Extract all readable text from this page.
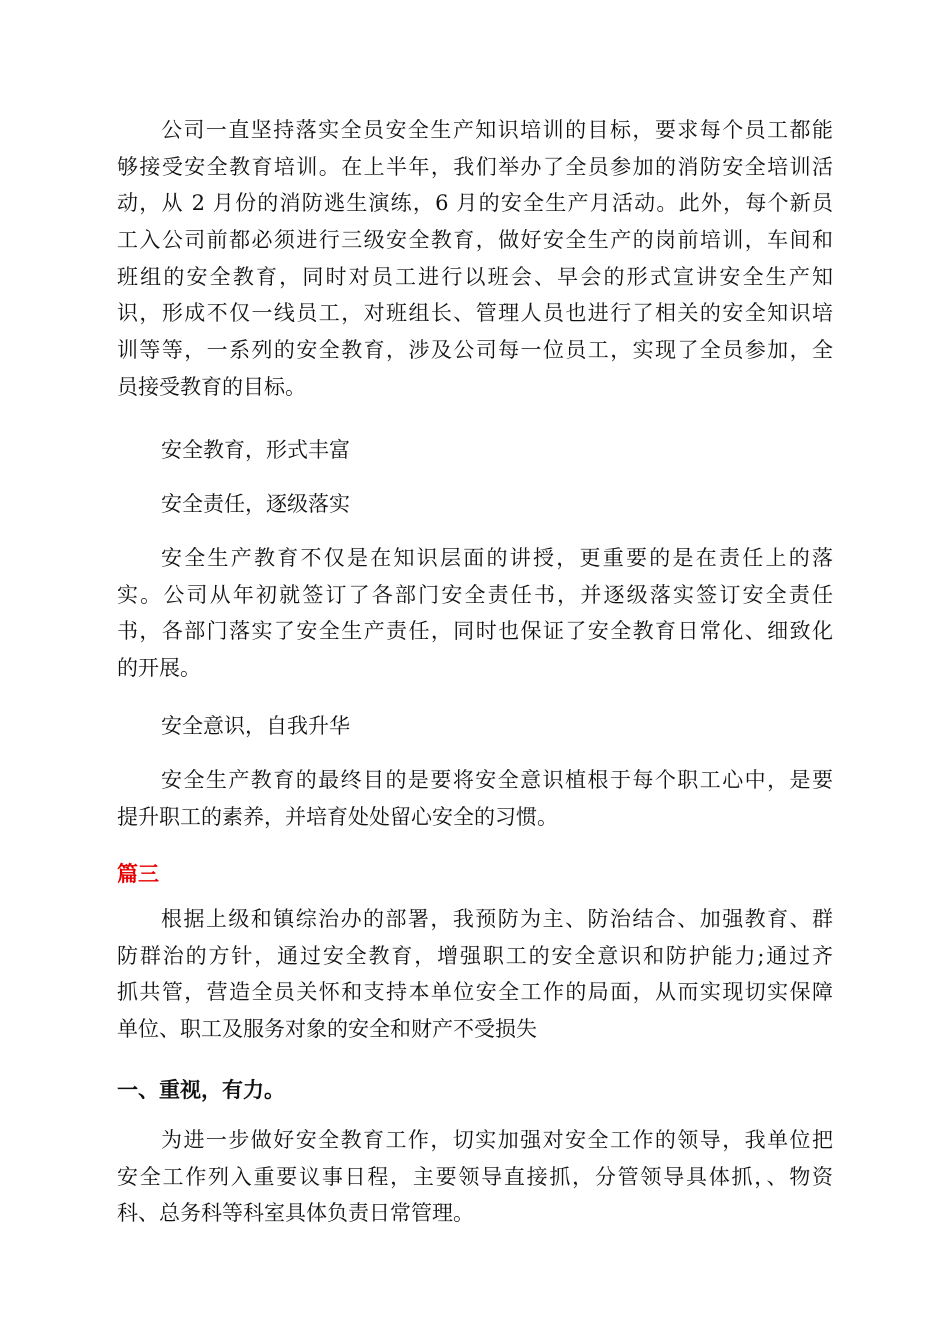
公司一直坚持落实全员安全生产知识培训的目标，要求每个员工都能
够接受安全教育培训。在上半年，我们举办了全员参加的消防安全培训活
动，从 2 月份的消防逃生演练，6 月的安全生产月活动。此外，每个新员
工入公司前都必须进行三级安全教育，做好安全生产的岗前培训，车间和
班组的安全教育，同时对员工进行以班会、早会的形式宣讲安全生产知
识，形成不仅一线员工，对班组长、管理人员也进行了相关的安全知识培
训等等，一系列的安全教育，涉及公司每一位员工，实现了全员参加，全
员接受教育的目标。
安全教育，形式丰富
安全责任，逐级落实
安全生产教育不仅是在知识层面的讲授，更重要的是在责任上的落
实。公司从年初就签订了各部门安全责任书，并逐级落实签订安全责任
书，各部门落实了安全生产责任，同时也保证了安全教育日常化、细致化
的开展。
安全意识，自我升华
安全生产教育的最终目的是要将安全意识植根于每个职工心中，是要
提升职工的素养，并培育处处留心安全的习惯。
篇三
根据上级和镇综治办的部署，我预防为主、防治结合、加强教育、群
防群治的方针，通过安全教育，增强职工的安全意识和防护能力;通过齐
抓共管，营造全员关怀和支持本单位安全工作的局面，从而实现切实保障
单位、职工及服务对象的安全和财产不受损失
一、重视，有力。
为进一步做好安全教育工作，切实加强对安全工作的领导，我单位把
安全工作列入重要议事日程，主要领导直接抓，分管领导具体抓，、物资
科、总务科等科室具体负责日常管理。
